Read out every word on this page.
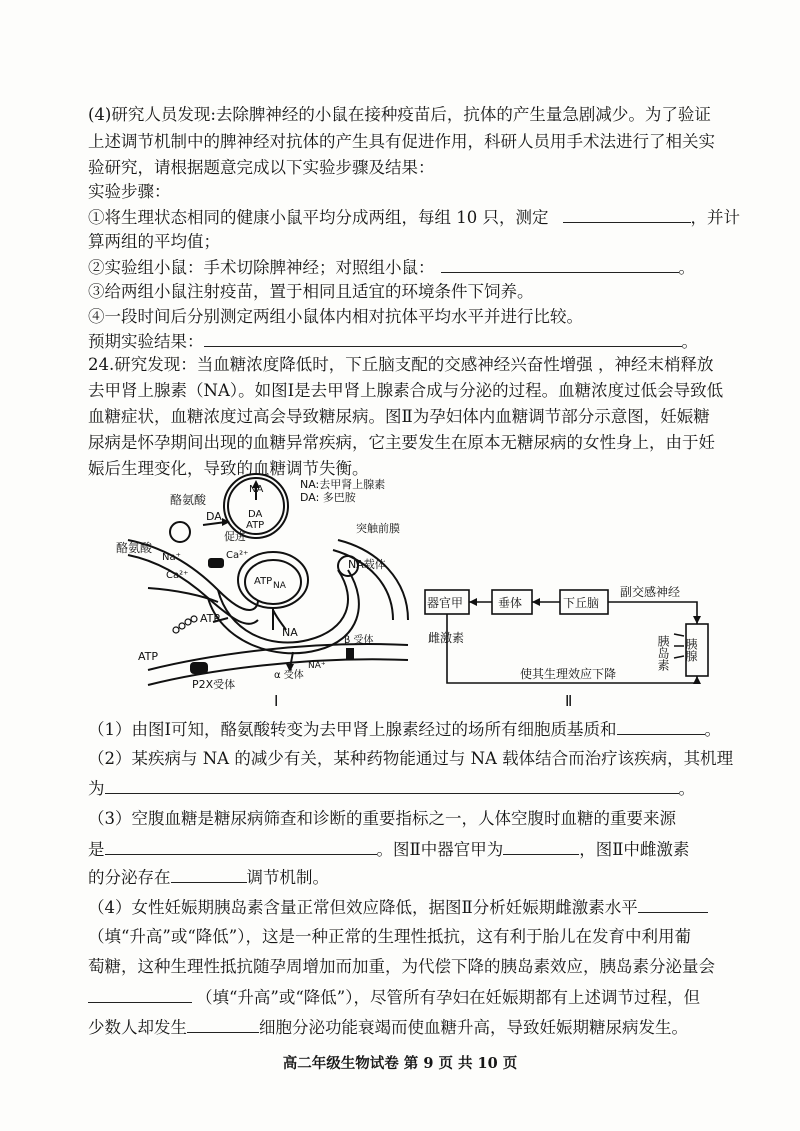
(4)研究人员发现:去除脾神经的小鼠在接种疫苗后，抗体的产生量急剧减少。为了验证
上述调节机制中的脾神经对抗体的产生具有促进作用，科研人员用手术法进行了相关实
验研究，请根据题意完成以下实验步骤及结果：
实验步骤：
①将生理状态相同的健康小鼠平均分成两组，每组 10 只，测定	，并计
算两组的平均值；
②实验组小鼠：手术切除脾神经；对照组小鼠：	。
③给两组小鼠注射疫苗，置于相同且适宜的环境条件下饲养。
④一段时间后分别测定两组小鼠体内相对抗体平均水平并进行比较。
预期实验结果：	。
24.研究发现：当血糖浓度降低时，下丘脑支配的交感神经兴奋性增强 ，神经末梢释放
去甲肾上腺素（NA）。如图Ⅰ是去甲肾上腺素合成与分泌的过程。血糖浓度过低会导致低
血糖症状，血糖浓度过高会导致糖尿病。图Ⅱ为孕妇体内血糖调节部分示意图，妊娠糖
尿病是怀孕期间出现的血糖异常疾病，它主要发生在原本无糖尿病的女性身上，由于妊
娠后生理变化，导致的血糖调节失衡。
NA:去甲肾上腺素
DA: 多巴胺
酪氨酸
酪氨酸
DA
NA
DA
ATP
促进
Na⁺
Ca²⁺
Ca²⁺
突触前膜
NA载体
ATP NA
ATP
NA
ATP
β 受体
α 受体
NA⁺
P2X受体
Ⅰ
器官甲	垂体	下丘脑
副交感神经
雌激素	胰岛素 胰腺
使其生理效应下降
Ⅱ
（1）由图Ⅰ可知，酪氨酸转变为去甲肾上腺素经过的场所有细胞质基质和	。
（2）某疾病与 NA 的减少有关，某种药物能通过与 NA 载体结合而治疗该疾病，其机理
为	。
（3）空腹血糖是糖尿病筛查和诊断的重要指标之一，人体空腹时血糖的重要来源
是	。图Ⅱ中器官甲为	，图Ⅱ中雌激素
的分泌存在	调节机制。
（4）女性妊娠期胰岛素含量正常但效应降低，据图Ⅱ分析妊娠期雌激素水平
（填“升高”或“降低”），这是一种正常的生理性抵抗，这有利于胎儿在发育中利用葡
萄糖，这种生理性抵抗随孕周增加而加重，为代偿下降的胰岛素效应，胰岛素分泌量会
（填“升高”或“降低”），尽管所有孕妇在妊娠期都有上述调节过程，但
少数人却发生	细胞分泌功能衰竭而使血糖升高，导致妊娠期糖尿病发生。
高二年级生物试卷 第 9 页 共 10 页
